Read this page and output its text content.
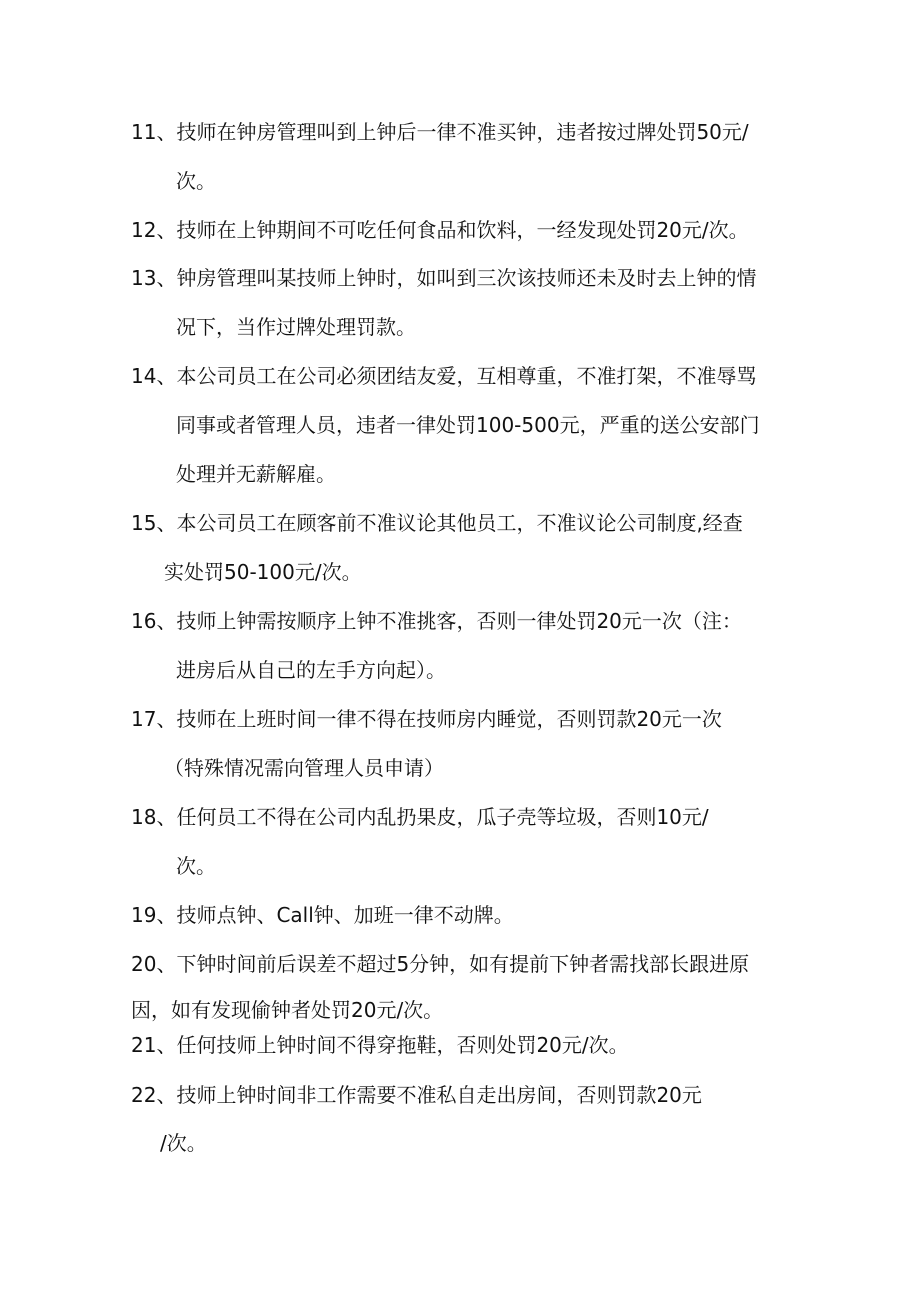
11、技师在钟房管理叫到上钟后一律不准买钟，违者按过牌处罚50元/
次。
12、技师在上钟期间不可吃任何食品和饮料，一经发现处罚20元/次。
13、钟房管理叫某技师上钟时，如叫到三次该技师还未及时去上钟的情
况下，当作过牌处理罚款。
14、本公司员工在公司必须团结友爱，互相尊重，不准打架，不准辱骂
同事或者管理人员，违者一律处罚100-500元，严重的送公安部门
处理并无薪解雇。
15、本公司员工在顾客前不准议论其他员工，不准议论公司制度,经查
实处罚50-100元/次。
16、技师上钟需按顺序上钟不准挑客，否则一律处罚20元一次（注：
进房后从自己的左手方向起）。
17、技师在上班时间一律不得在技师房内睡觉，否则罚款20元一次
（特殊情况需向管理人员申请）
18、任何员工不得在公司内乱扔果皮，瓜子壳等垃圾，否则10元/
次。
19、技师点钟、Call钟、加班一律不动牌。
20、下钟时间前后误差不超过5分钟，如有提前下钟者需找部长跟进原
因，如有发现偷钟者处罚20元/次。
21、任何技师上钟时间不得穿拖鞋，否则处罚20元/次。
22、技师上钟时间非工作需要不准私自走出房间，否则罚款20元
/次。
